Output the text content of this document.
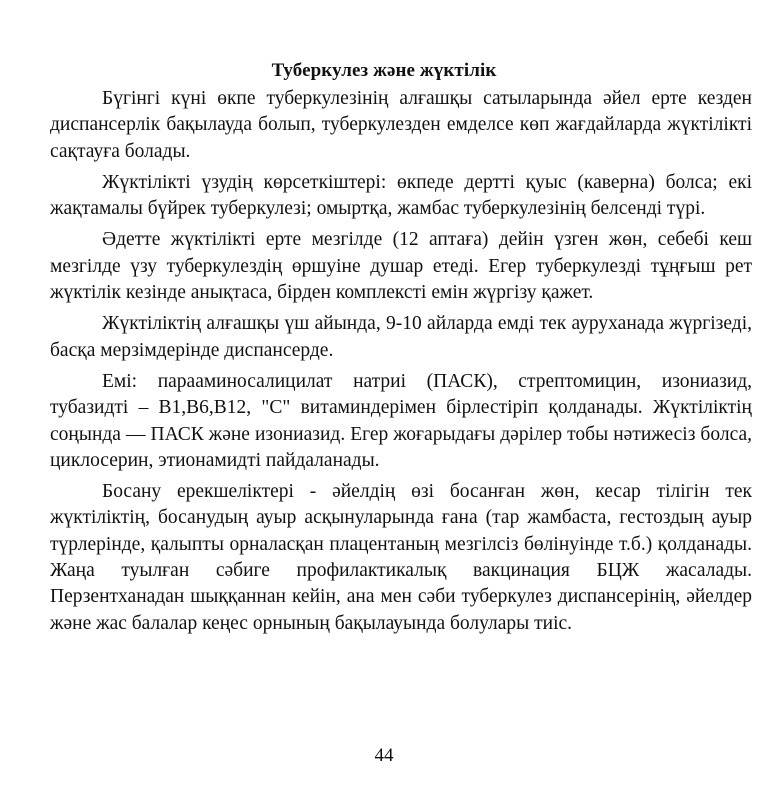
Туберкулез және жүктілік

Бүгінгі күні өкпе туберкулезінің алғашқы сатыларында әйел ерте кезден диспансерлік бақылауда болып, туберкулезден емделсе көп жағдайларда жүктілікті сақтауға болады.

Жүктілікті үзудің көрсеткіштері: өкпеде дертті қуыс (каверна) болса; екі жақтамалы бүйрек туберкулезі; омыртқа, жамбас туберкулезінің белсенді түрі.

Әдетте жүктілікті ерте мезгілде (12 аптаға) дейін үзген жөн, себебі кеш мезгілде үзу туберкулездің өршуіне душар етеді. Егер туберкулезді тұңғыш рет жүктілік кезінде анықтаса, бірден комплексті емін жүргізу қажет.

Жүктіліктің алғашқы үш айында, 9-10 айларда емді тек ауруханада жүргізеді, басқа мерзімдерінде диспансерде.

Емі: парааминосалицилат натриі (ПАСК), стрептомицин, изониазид, тубазидті – В1,В6,В12, "С" витаминдерімен бірлестіріп қолданады. Жүктіліктің соңында — ПАСК және изониазид. Егер жоғарыдағы дәрілер тобы нәтижесіз болса, циклосерин, этионамидті пайдаланады.

Босану ерекшеліктері - әйелдің өзі босанған жөн, кесар тілігін тек жүктіліктің, босанудың ауыр асқынуларында ғана (тар жамбаста, гестоздың ауыр түрлерінде, қалыпты орналасқан плацентаның мезгілсіз бөлінуінде т.б.) қолданады. Жаңа туылған сәбиге профилактикалық вакцинация БЦЖ жасалады. Перзентханадан шыққаннан кейін, ана мен сәби туберкулез диспансерінің, әйелдер және жас балалар кеңес орнының бақылауында болулары тиіс.

44
